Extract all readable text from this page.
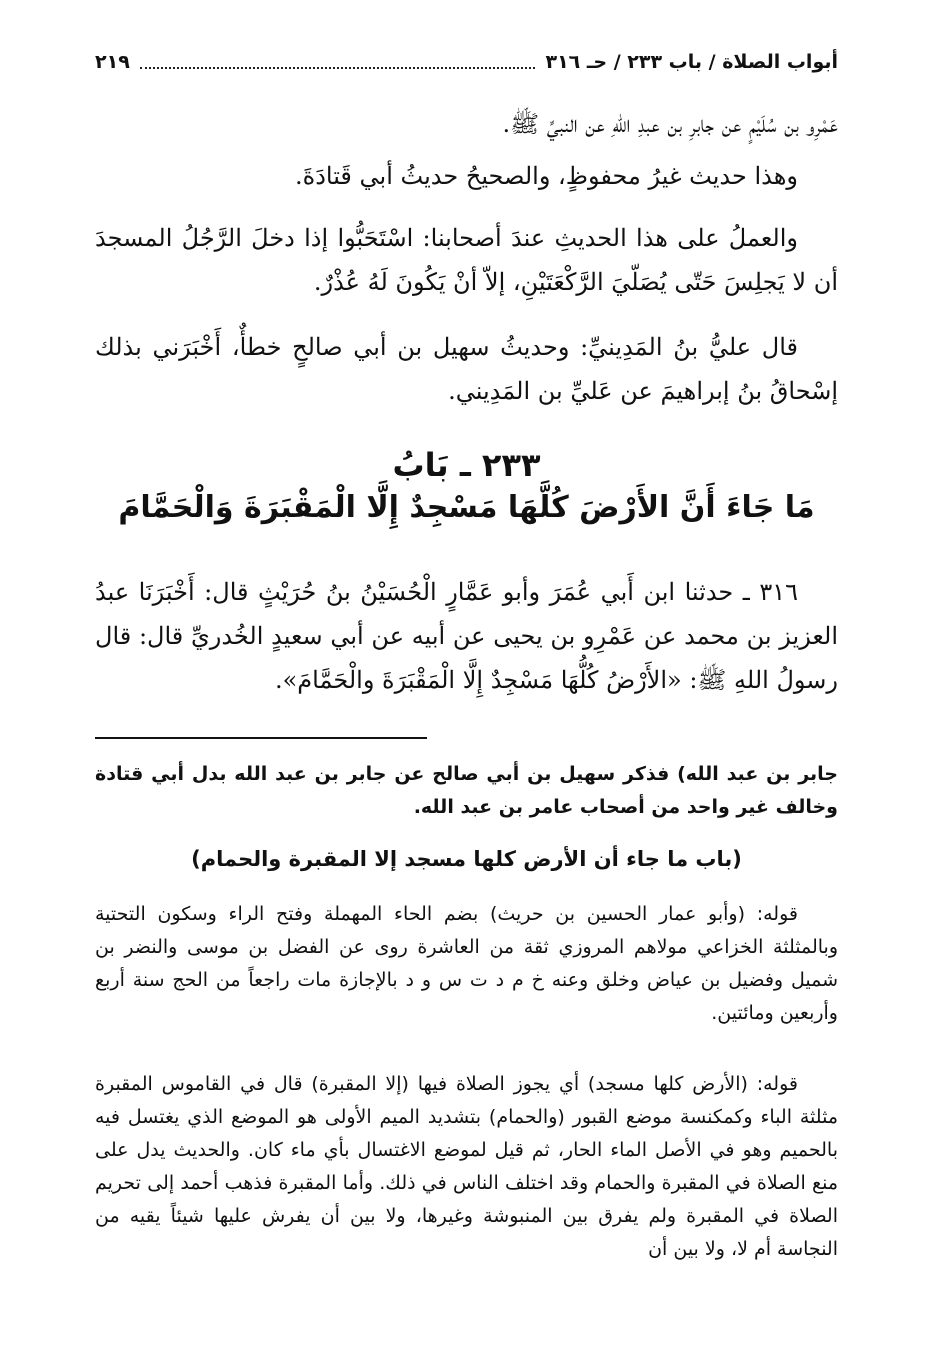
أبواب الصلاة / باب ٢٣٣ / حـ ٣١٦
٢١٩
عَمْرِو بن سُلَيْمٍ عن جابرِ بن عبدِ اللهِ عن النبيِّ ﷺ.
وهذا حديث غيرُ محفوظٍ، والصحيحُ حديثُ أبي قَتادَةَ.
والعملُ على هذا الحديثِ عندَ أصحابنا: اسْتَحَبُّوا إذا دخلَ الرَّجُلُ المسجدَ أن لا يَجلِسَ حَتّى يُصَلّيَ الرَّكْعَتَيْنِ، إلاّ أنْ يَكُونَ لَهُ عُذْرٌ.
قال عليُّ بنُ المَدِينيِّ: وحديثُ سهيل بن أبي صالحٍ خطأٌ، أَخْبَرَني بذلك إسْحاقُ بنُ إبراهيمَ عن عَليِّ بن المَدِيني.
٢٣٣ ـ بَابُ
مَا جَاءَ أَنَّ الأَرْضَ كُلَّهَا مَسْجِدٌ إِلَّا الْمَقْبَرَةَ وَالْحَمَّامَ
٣١٦ ـ حدثنا ابن أَبي عُمَرَ وأبو عَمَّارٍ الْحُسَيْنُ بنُ حُرَيْثٍ قال: أَخْبَرَنَا عبدُ العزيز بن محمد عن عَمْرِو بن يحيى عن أبيه عن أبي سعيدٍ الخُدريِّ قال: قال رسولُ اللهِ ﷺ: «الأَرْضُ كُلُّهَا مَسْجِدٌ إِلَّا الْمَقْبَرَةَ والْحَمَّامَ».
جابر بن عبد الله) فذكر سهيل بن أبي صالح عن جابر بن عبد الله بدل أبي قتادة وخالف غير واحد من أصحاب عامر بن عبد الله.
(باب ما جاء أن الأرض كلها مسجد إلا المقبرة والحمام)
قوله: (وأبو عمار الحسين بن حريث) بضم الحاء المهملة وفتح الراء وسكون التحتية وبالمثلثة الخزاعي مولاهم المروزي ثقة من العاشرة روى عن الفضل بن موسى والنضر بن شميل وفضيل بن عياض وخلق وعنه خ م د ت س و د بالإجازة مات راجعاً من الحج سنة أربع وأربعين ومائتين.
قوله: (الأرض كلها مسجد) أي يجوز الصلاة فيها (إلا المقبرة) قال في القاموس المقبرة مثلثة الباء وكمكنسة موضع القبور (والحمام) بتشديد الميم الأولى هو الموضع الذي يغتسل فيه بالحميم وهو في الأصل الماء الحار، ثم قيل لموضع الاغتسال بأي ماء كان. والحديث يدل على منع الصلاة في المقبرة والحمام وقد اختلف الناس في ذلك. وأما المقبرة فذهب أحمد إلى تحريم الصلاة في المقبرة ولم يفرق بين المنبوشة وغيرها، ولا بين أن يفرش عليها شيئاً يقيه من النجاسة أم لا، ولا بين أن
